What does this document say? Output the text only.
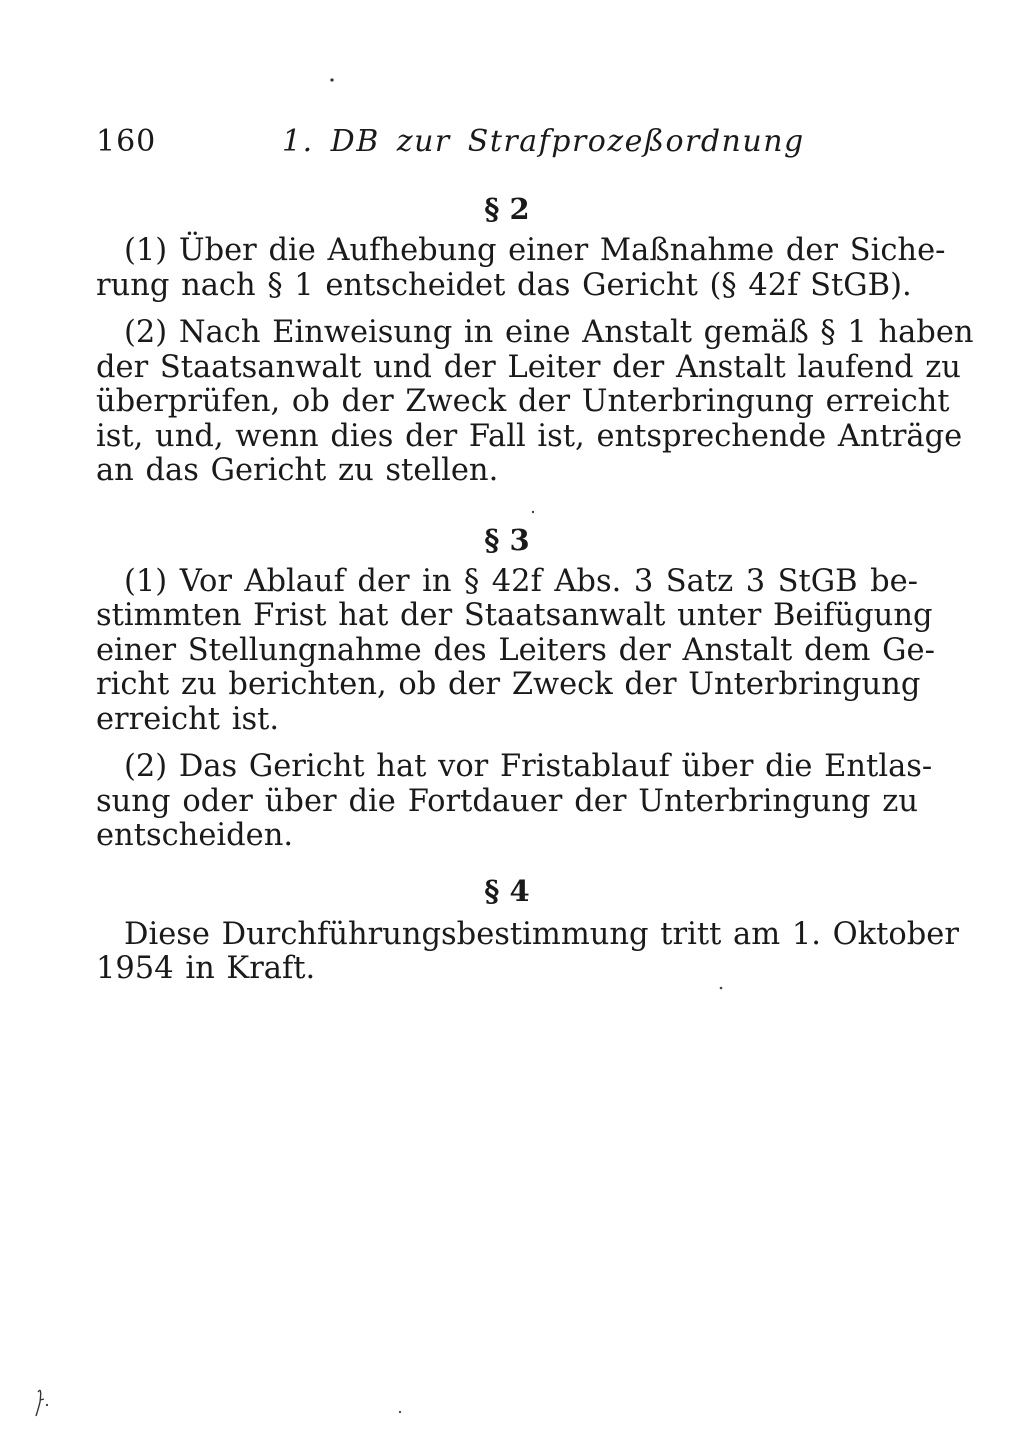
160	1. DB zur Strafprozeßordnung
§ 2

(1) Über die Aufhebung einer Maßnahme der Siche-
rung nach § 1 entscheidet das Gericht (§ 42f StGB).

(2) Nach Einweisung in eine Anstalt gemäß § 1 haben
der Staatsanwalt und der Leiter der Anstalt laufend zu
überprüfen, ob der Zweck der Unterbringung erreicht
ist, und, wenn dies der Fall ist, entsprechende Anträge
an das Gericht zu stellen.

§ 3

(1) Vor Ablauf der in § 42f Abs. 3 Satz 3 StGB be-
stimmten Frist hat der Staatsanwalt unter Beifügung
einer Stellungnahme des Leiters der Anstalt dem Ge-
richt zu berichten, ob der Zweck der Unterbringung
erreicht ist.

(2) Das Gericht hat vor Fristablauf über die Entlas-
sung oder über die Fortdauer der Unterbringung zu
entscheiden.

§ 4

Diese Durchführungsbestimmung tritt am 1. Oktober
1954 in Kraft.
